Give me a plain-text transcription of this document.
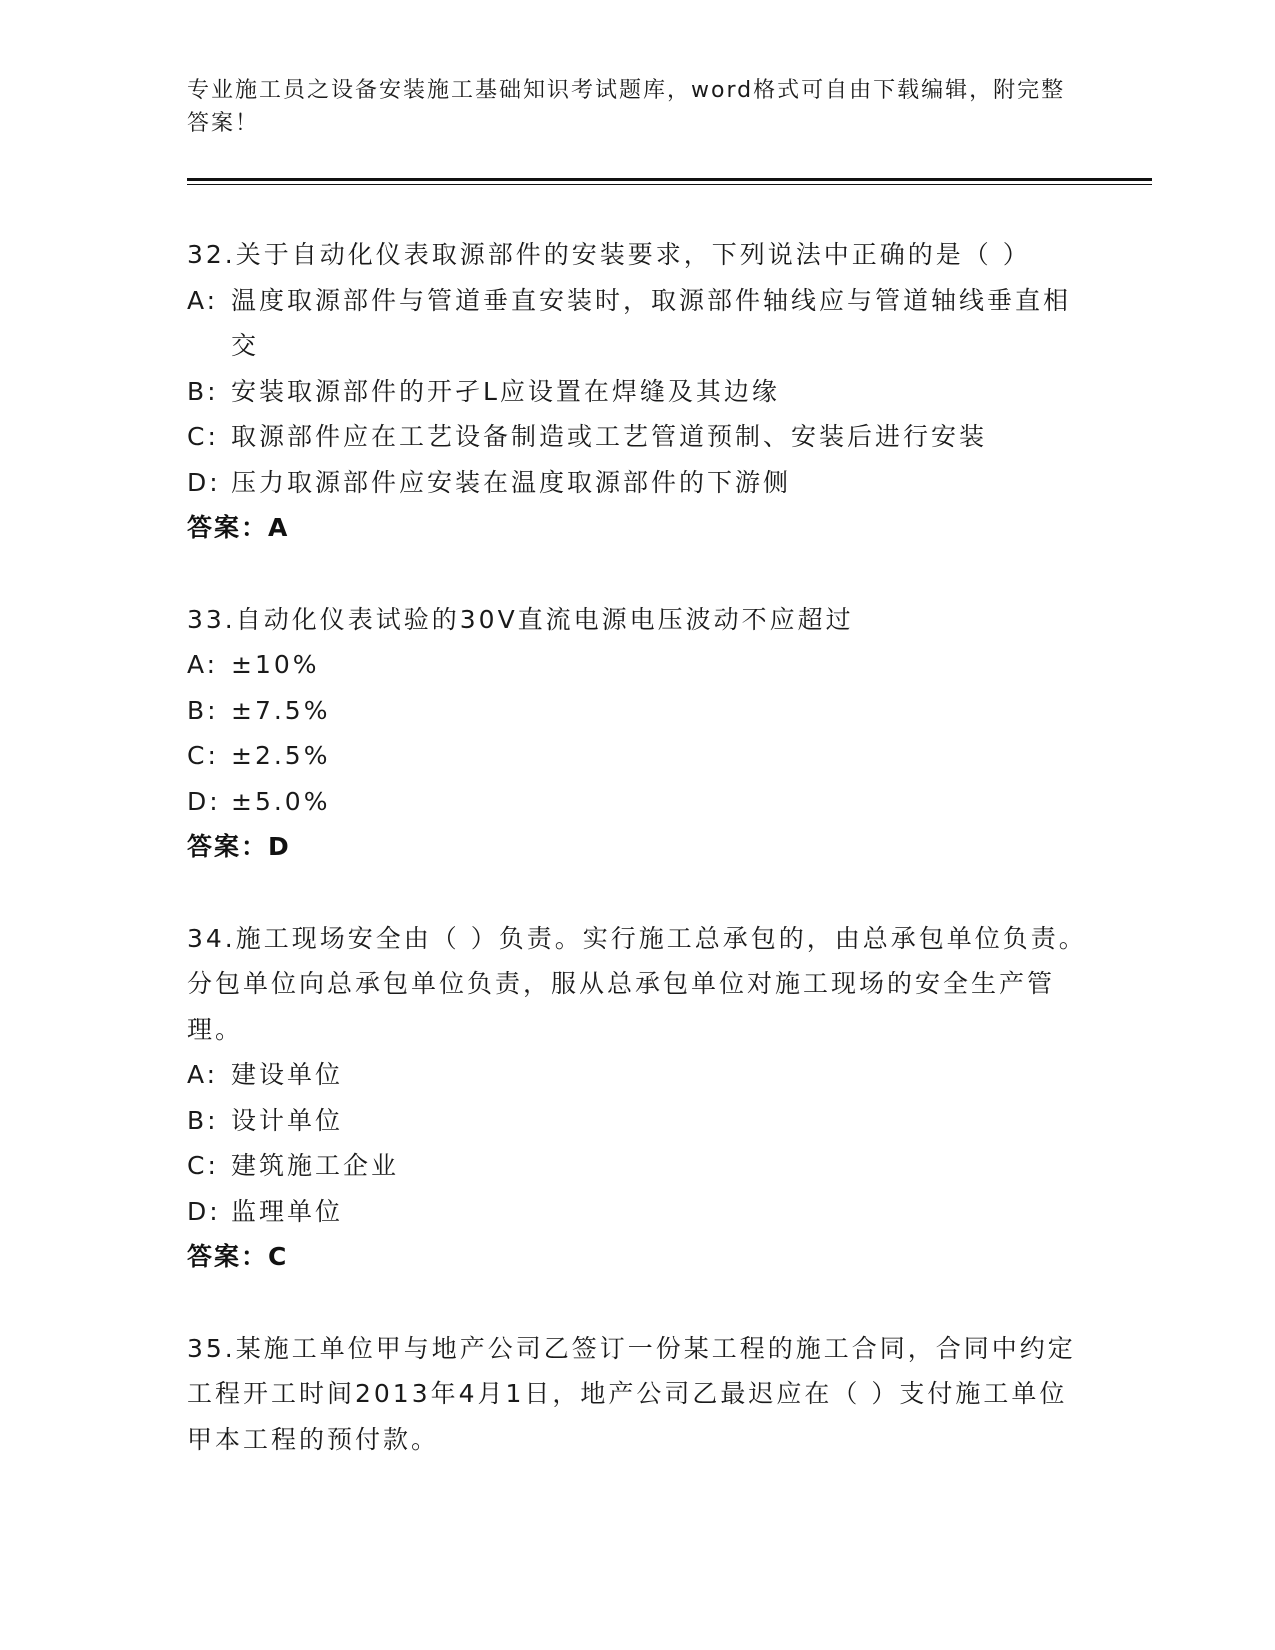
专业施工员之设备安装施工基础知识考试题库，word格式可自由下载编辑，附完整答案！
32.关于自动化仪表取源部件的安装要求，下列说法中正确的是（ ）
A: 温度取源部件与管道垂直安装时，取源部件轴线应与管道轴线垂直相交
B: 安装取源部件的开孑L应设置在焊缝及其边缘
C: 取源部件应在工艺设备制造或工艺管道预制、安装后进行安装
D: 压力取源部件应安装在温度取源部件的下游侧
答案：A
33.自动化仪表试验的30V直流电源电压波动不应超过
A: ±10%
B: ±7.5%
C: ±2.5%
D: ±5.0%
答案：D
34.施工现场安全由（ ）负责。实行施工总承包的，由总承包单位负责。分包单位向总承包单位负责，服从总承包单位对施工现场的安全生产管理。
A: 建设单位
B: 设计单位
C: 建筑施工企业
D: 监理单位
答案：C
35.某施工单位甲与地产公司乙签订一份某工程的施工合同，合同中约定工程开工时间2013年4月1日，地产公司乙最迟应在（ ）支付施工单位甲本工程的预付款。
